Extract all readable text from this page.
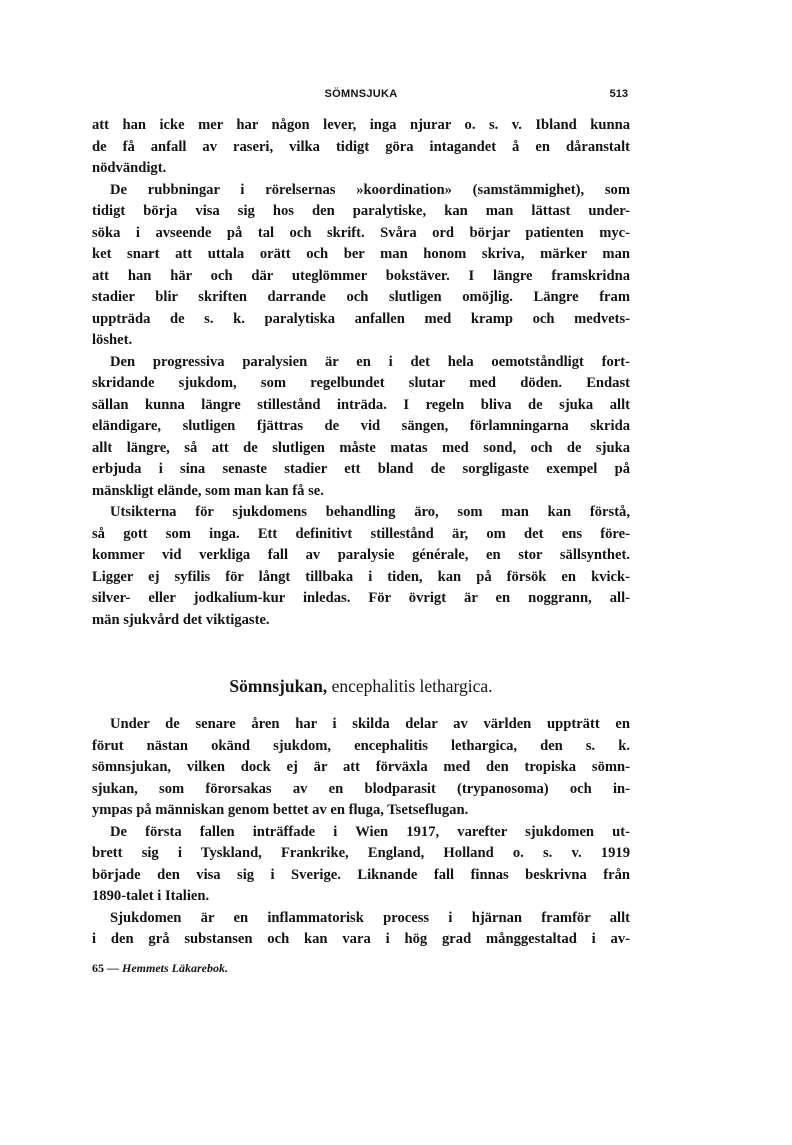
SÖMNSJUKA	513
att han icke mer har någon lever, inga njurar o. s. v. Ibland kunna
de få anfall av raseri, vilka tidigt göra intagandet å en dåranstalt
nödvändigt.
De rubbningar i rörelsernas »koordination» (samstämmighet), som
tidigt börja visa sig hos den paralytiske, kan man lättast under-
söka i avseende på tal och skrift. Svåra ord börjar patienten myc-
ket snart att uttala orätt och ber man honom skriva, märker man
att han här och där uteglömmer bokstäver. I längre framskridna
stadier blir skriften darrande och slutligen omöjlig. Längre fram
uppträda de s. k. paralytiska anfallen med kramp och medvets-
löshet.
Den progressiva paralysien är en i det hela oemotståndligt fort-
skridande sjukdom, som regelbundet slutar med döden. Endast
sällan kunna längre stillestånd inträda. I regeln bliva de sjuka allt
eländigare, slutligen fjättras de vid sängen, förlamningarna skrida
allt längre, så att de slutligen måste matas med sond, och de sjuka
erbjuda i sina senaste stadier ett bland de sorgligaste exempel på
mänskligt elände, som man kan få se.
Utsikterna för sjukdomens behandling äro, som man kan förstå,
så gott som inga. Ett definitivt stillestånd är, om det ens före-
kommer vid verkliga fall av paralysie générale, en stor sällsynthet.
Ligger ej syfilis för långt tillbaka i tiden, kan på försök en kvick-
silver- eller jodkalium-kur inledas. För övrigt är en noggrann, all-
män sjukvård det viktigaste.
Sömnsjukan, encephalitis lethargica.
Under de senare åren har i skilda delar av världen uppträtt en
förut nästan okänd sjukdom, encephalitis lethargica, den s. k.
sömnsjukan, vilken dock ej är att förväxla med den tropiska sömn-
sjukan, som förorsakas av en blodparasit (trypanosoma) och in-
ympas på människan genom bettet av en fluga, Tsetseflugan.
De första fallen inträffade i Wien 1917, varefter sjukdomen ut-
brett sig i Tyskland, Frankrike, England, Holland o. s. v. 1919
började den visa sig i Sverige. Liknande fall finnas beskrivna från
1890-talet i Italien.
Sjukdomen är en inflammatorisk process i hjärnan framför allt
i den grå substansen och kan vara i hög grad månggestaltad i av-
65 — Hemmets Läkarebok.
